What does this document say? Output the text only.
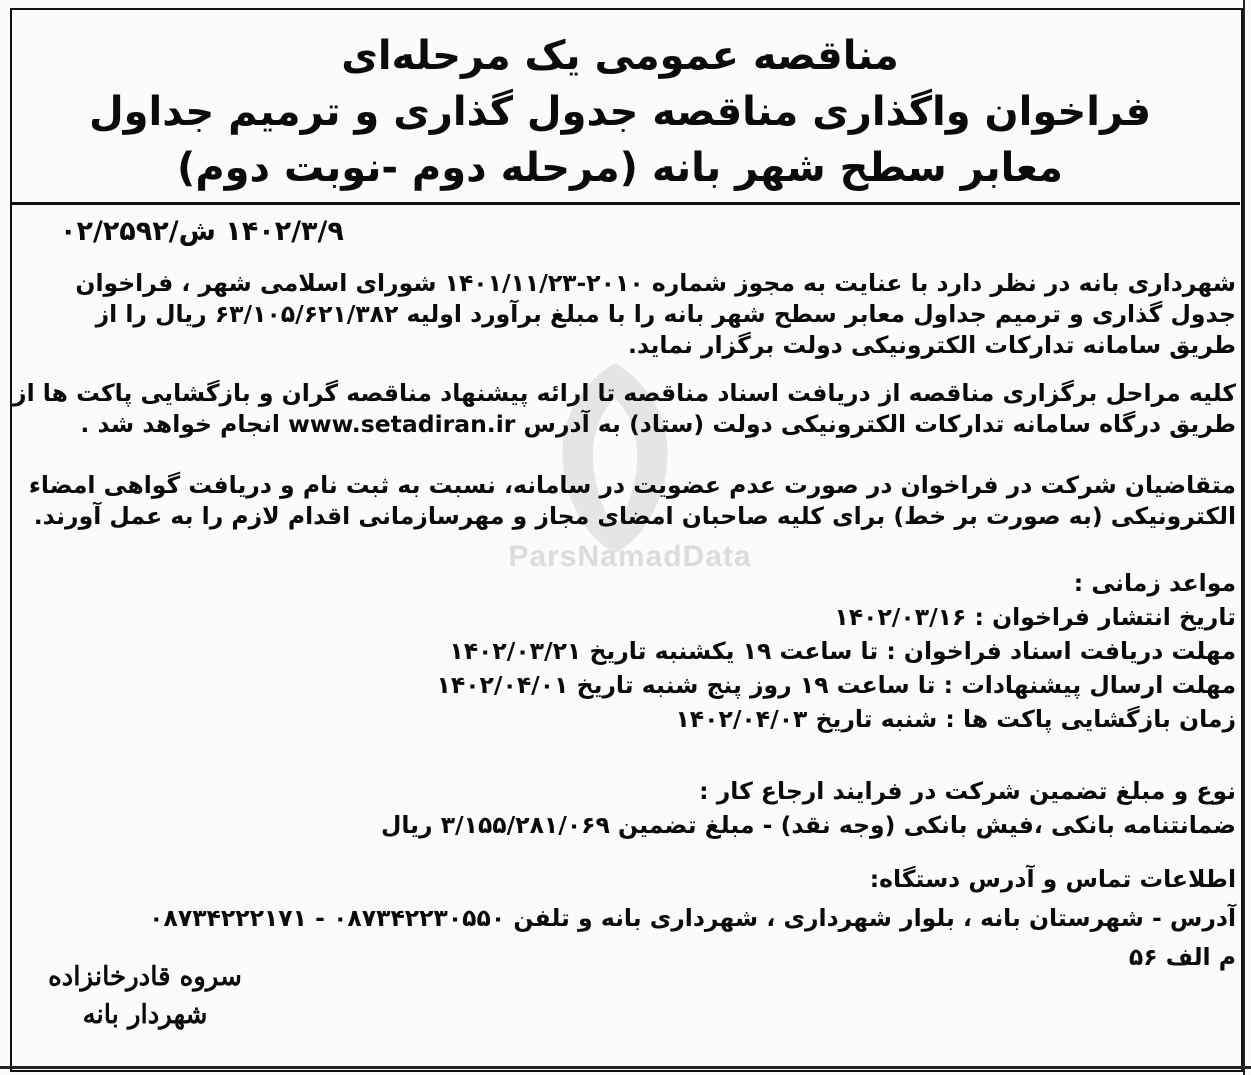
ParsNamadData
مناقصه عمومی یک مرحله‌ای
فراخوان واگذاری مناقصه جدول گذاری و ترمیم جداول
معابر سطح شهر بانه (مرحله دوم -نوبت دوم)
۱۴۰۲/۳/۹ ش/۰۲/۲۵۹۲
شهرداری بانه در نظر دارد با عنایت به مجوز شماره ۲۰۱۰-۱۴۰۱/۱۱/۲۳ شورای اسلامی شهر ، فراخوان
جدول گذاری و ترمیم جداول معابر سطح شهر بانه را با مبلغ برآورد اولیه ۶۳/۱۰۵/۶۲۱/۳۸۲ ریال را از
طریق سامانه تدارکات الکترونیکی دولت برگزار نماید.
کلیه مراحل برگزاری مناقصه از دریافت اسناد مناقصه تا ارائه پیشنهاد مناقصه گران و بازگشایی پاکت ها از
طریق درگاه سامانه تدارکات الکترونیکی دولت (ستاد) به آدرس www.setadiran.ir انجام خواهد شد .
متقاضیان شرکت در فراخوان در صورت عدم عضویت در سامانه، نسبت به ثبت نام و دریافت گواهی امضاء
الکترونیکی (به صورت بر خط) برای کلیه صاحبان امضای مجاز و مهرسازمانی اقدام لازم را به عمل آورند.
مواعد زمانی :
تاریخ انتشار فراخوان : ۱۴۰۲/۰۳/۱۶
مهلت دریافت اسناد فراخوان : تا ساعت ۱۹ یکشنبه تاریخ ۱۴۰۲/۰۳/۲۱
مهلت ارسال پیشنهادات : تا ساعت ۱۹ روز پنج شنبه تاریخ ۱۴۰۲/۰۴/۰۱
زمان بازگشایی پاکت ها : شنبه تاریخ ۱۴۰۲/۰۴/۰۳
نوع و مبلغ تضمین شرکت در فرایند ارجاع کار :
ضمانتنامه بانکی ،فیش بانکی (وجه نقد) - مبلغ تضمین ۳/۱۵۵/۲۸۱/۰۶۹ ریال
اطلاعات تماس و آدرس دستگاه:
آدرس - شهرستان بانه ، بلوار شهرداری ، شهرداری بانه و تلفن ۰۸۷۳۴۲۲۳۰۵۵۰ - ۰۸۷۳۴۲۲۲۱۷۱
م الف ۵۶
سروه قادرخانزاده
شهردار بانه
